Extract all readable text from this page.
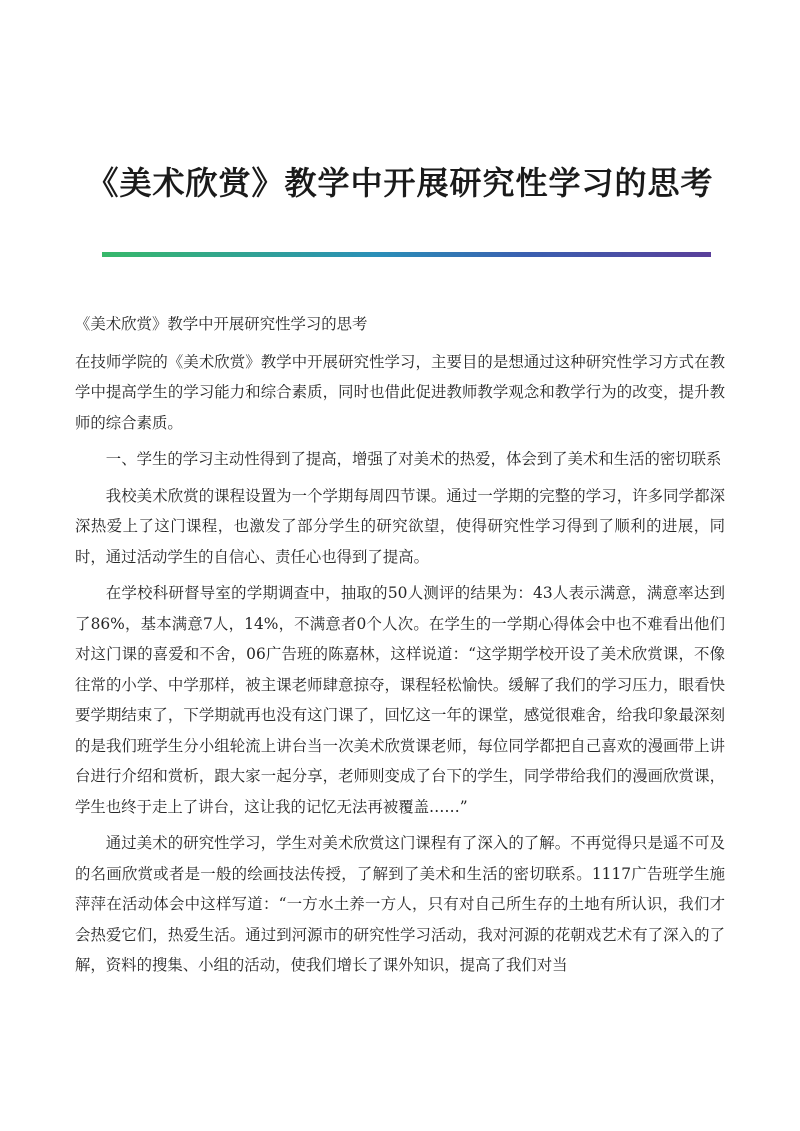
《美术欣赏》教学中开展研究性学习的思考

《美术欣赏》教学中开展研究性学习的思考

在技师学院的《美术欣赏》教学中开展研究性学习，主要目的是想通过这种研究性学习方式在教学中提高学生的学习能力和综合素质，同时也借此促进教师教学观念和教学行为的改变，提升教师的综合素质。

一、学生的学习主动性得到了提高，增强了对美术的热爱，体会到了美术和生活的密切联系

我校美术欣赏的课程设置为一个学期每周四节课。通过一学期的完整的学习，许多同学都深深热爱上了这门课程，也激发了部分学生的研究欲望，使得研究性学习得到了顺利的进展，同时，通过活动学生的自信心、责任心也得到了提高。

在学校科研督导室的学期调查中，抽取的50人测评的结果为：43人表示满意，满意率达到了86%，基本满意7人，14%，不满意者0个人次。在学生的一学期心得体会中也不难看出他们对这门课的喜爱和不舍，06广告班的陈嘉林，这样说道：“这学期学校开设了美术欣赏课，不像往常的小学、中学那样，被主课老师肆意掠夺，课程轻松愉快。缓解了我们的学习压力，眼看快要学期结束了，下学期就再也没有这门课了，回忆这一年的课堂，感觉很难舍，给我印象最深刻的是我们班学生分小组轮流上讲台当一次美术欣赏课老师，每位同学都把自己喜欢的漫画带上讲台进行介绍和赏析，跟大家一起分享，老师则变成了台下的学生，同学带给我们的漫画欣赏课，学生也终于走上了讲台，这让我的记忆无法再被覆盖……”

通过美术的研究性学习，学生对美术欣赏这门课程有了深入的了解。不再觉得只是遥不可及的名画欣赏或者是一般的绘画技法传授，了解到了美术和生活的密切联系。1117广告班学生施萍萍在活动体会中这样写道：“一方水土养一方人，只有对自己所生存的土地有所认识，我们才会热爱它们，热爱生活。通过到河源市的研究性学习活动，我对河源的花朝戏艺术有了深入的了解，资料的搜集、小组的活动，使我们增长了课外知识，提高了我们对当
